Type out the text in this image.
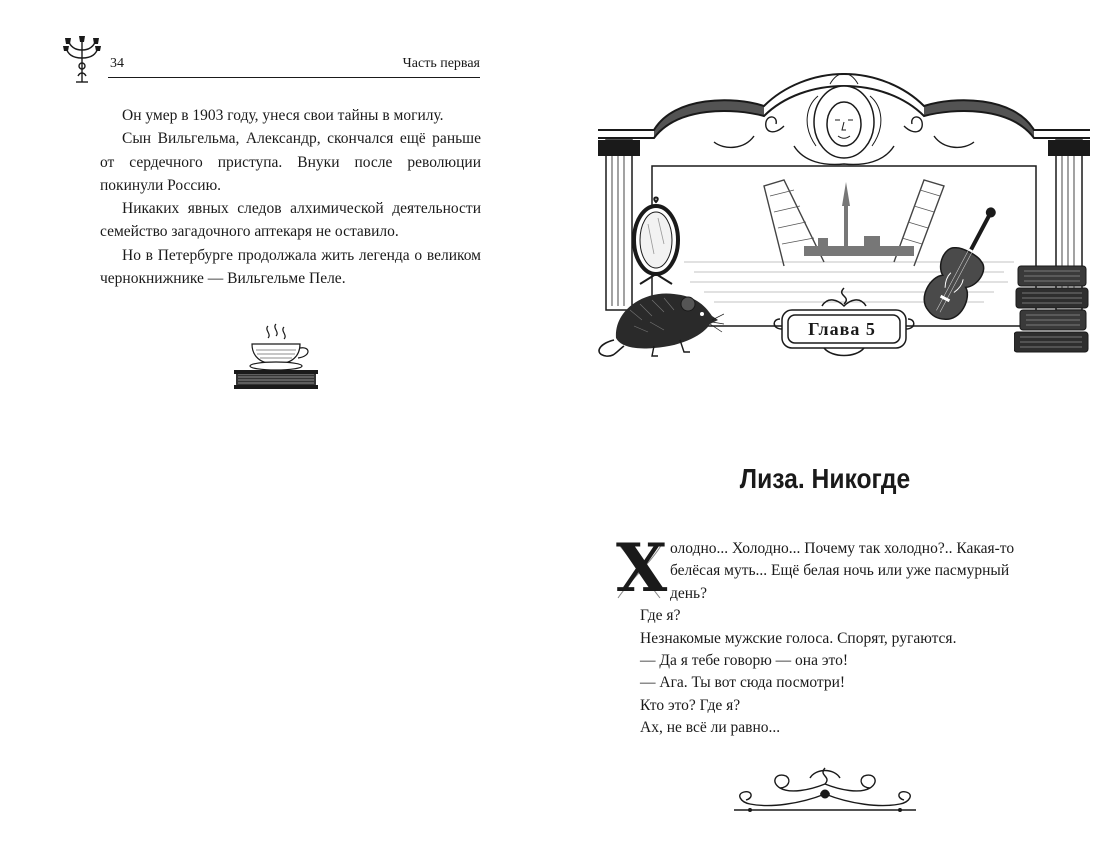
34	Часть первая

Он умер в 1903 году, унеся свои тайны в могилу.

Сын Вильгельма, Александр, скончался ещё раньше от сердечного приступа. Внуки после революции покинули Россию.

Никаких явных следов алхимической деятельности семейство загадочного аптекаря не оставило.

Но в Петербурге продолжала жить легенда о великом чернокнижнике — Вильгельме Пеле.

Глава 5
Лиза. Никогде

Х олодно... Холодно... Почему так холодно?.. Какая-то белёсая муть... Ещё белая ночь или уже пасмурный день?

Где я?

Незнакомые мужские голоса. Спорят, ругаются.

— Да я тебе говорю — она это!

— Ага. Ты вот сюда посмотри!

Кто это? Где я?

Ах, не всё ли равно...
